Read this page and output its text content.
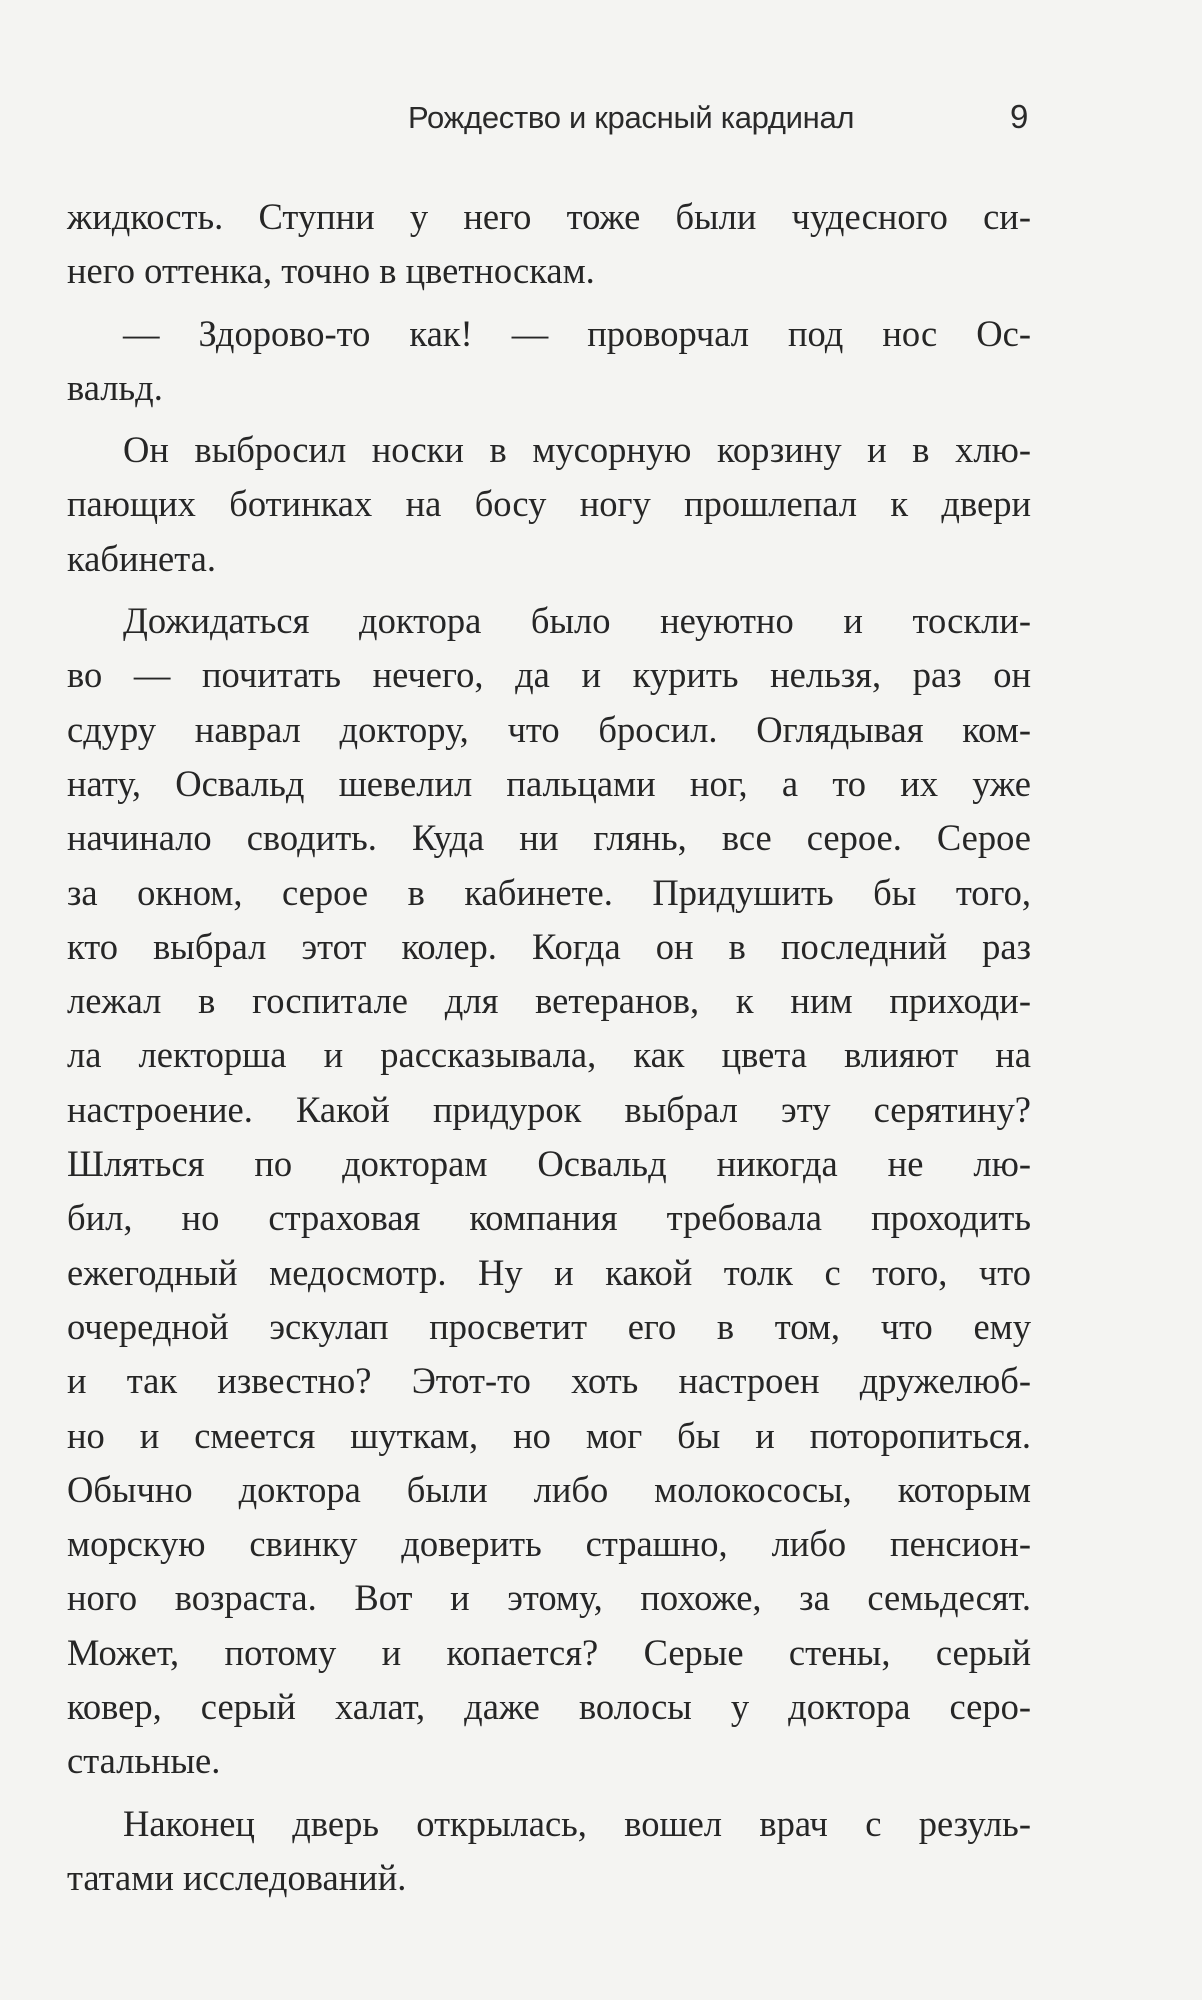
Рождество и красный кардинал	9

жидкость. Ступни у него тоже были чудесного си-
него оттенка, точно в цветноскам.

— Здорово-то как! — проворчал под нос Ос-
вальд.

Он выбросил носки в мусорную корзину и в хлю-
пающих ботинках на босу ногу прошлепал к двери
кабинета.

Дожидаться доктора было неуютно и тоскли-
во — почитать нечего, да и курить нельзя, раз он
сдуру наврал доктору, что бросил. Оглядывая ком-
нату, Освальд шевелил пальцами ног, а то их уже
начинало сводить. Куда ни глянь, все серое. Серое
за окном, серое в кабинете. Придушить бы того,
кто выбрал этот колер. Когда он в последний раз
лежал в госпитале для ветеранов, к ним приходи-
ла лекторша и рассказывала, как цвета влияют на
настроение. Какой придурок выбрал эту серятину?
Шляться по докторам Освальд никогда не лю-
бил, но страховая компания требовала проходить
ежегодный медосмотр. Ну и какой толк с того, что
очередной эскулап просветит его в том, что ему
и так известно? Этот-то хоть настроен дружелюб-
но и смеется шуткам, но мог бы и поторопиться.
Обычно доктора были либо молокососы, которым
морскую свинку доверить страшно, либо пенсион-
ного возраста. Вот и этому, похоже, за семьдесят.
Может, потому и копается? Серые стены, серый
ковер, серый халат, даже волосы у доктора серо-
стальные.

Наконец дверь открылась, вошел врач с резуль-
татами исследований.
